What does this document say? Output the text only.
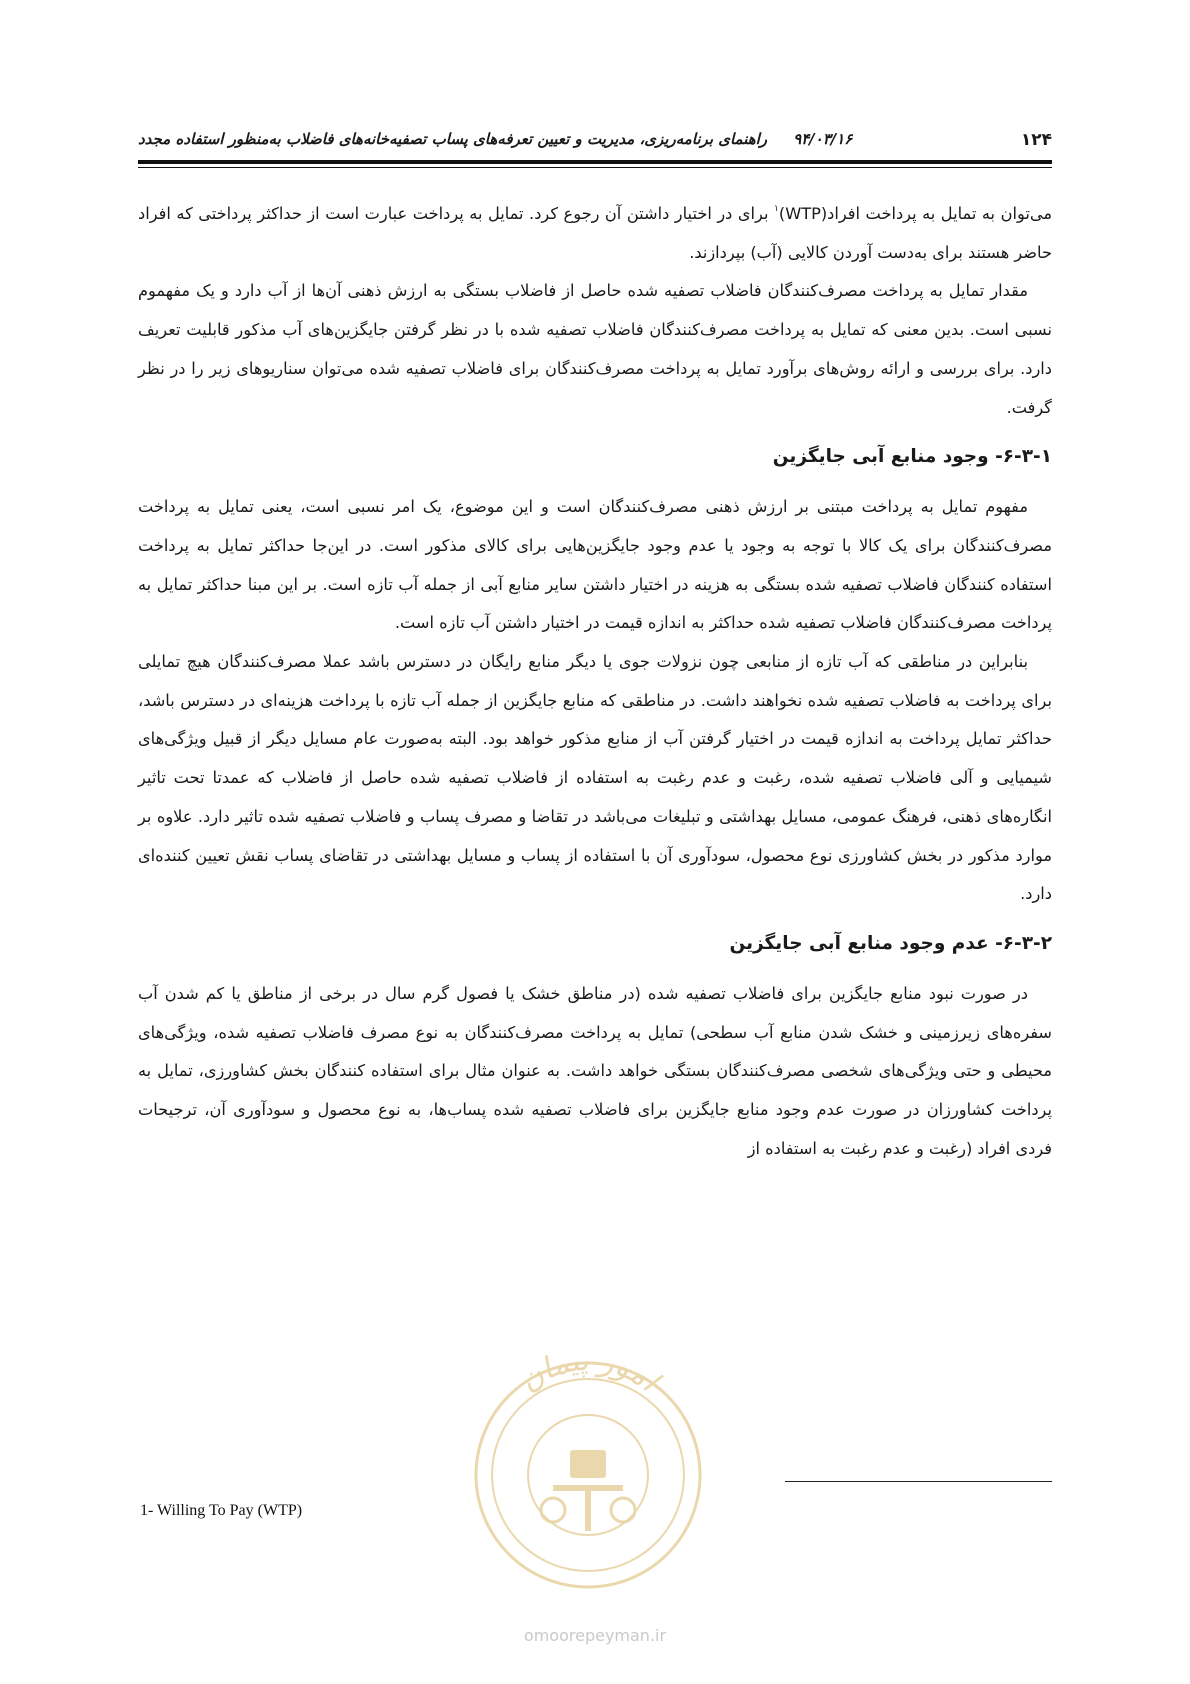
۱۲۴
۹۴/۰۳/۱۶راهنمای برنامه‌ریزی، مدیریت و تعیین تعرفه‌های پساب تصفیه‌خانه‌های فاضلاب به‌منظور استفاده مجدد

می‌توان به تمایل به پرداخت افراد(WTP)$^۱$ برای در اختیار داشتن آن رجوع کرد. تمایل به پرداخت عبارت است از حداکثر پرداختی که افراد حاضر هستند برای به‌دست آوردن کالایی (آب) بپردازند.

مقدار تمایل به پرداخت مصرف‌کنندگان فاضلاب تصفیه شده حاصل از فاضلاب بستگی به ارزش ذهنی آن‌ها از آب دارد و یک مفهموم نسبی است. بدین معنی که تمایل به پرداخت مصرف‌کنندگان فاضلاب تصفیه شده با در نظر گرفتن جایگزین‌های آب مذکور قابلیت تعریف دارد. برای بررسی و ارائه روش‌های برآورد تمایل به پرداخت مصرف‌کنندگان برای فاضلاب تصفیه شده می‌توان سناریوهای زیر را در نظر گرفت.

۶-۳-۱- وجود منابع آبی جایگزین

مفهوم تمایل به پرداخت مبتنی بر ارزش ذهنی مصرف‌کنندگان است و این موضوع، یک امر نسبی است، یعنی تمایل به پرداخت مصرف‌کنندگان برای یک کالا با توجه به وجود یا عدم وجود جایگزین‌هایی برای کالای مذکور است. در این‌جا حداکثر تمایل به پرداخت استفاده کنندگان فاضلاب تصفیه شده بستگی به هزینه در اختیار داشتن سایر منابع آبی از جمله آب تازه است. بر این مبنا حداکثر تمایل به پرداخت مصرف‌کنندگان فاضلاب تصفیه شده حداکثر به اندازه قیمت در اختیار داشتن آب تازه است.

بنابراین در مناطقی که آب تازه از منابعی چون نزولات جوی یا دیگر منابع رایگان در دسترس باشد عملا مصرف‌کنندگان هیچ تمایلی برای پرداخت به فاضلاب تصفیه شده نخواهند داشت. در مناطقی که منابع جایگزین از جمله آب تازه با پرداخت هزینه‌ای در دسترس باشد، حداکثر تمایل پرداخت به اندازه قیمت در اختیار گرفتن آب از منابع مذکور خواهد بود. البته به‌صورت عام مسایل دیگر از قبیل ویژگی‌های شیمیایی و آلی فاضلاب تصفیه شده، رغبت و عدم رغبت به استفاده از فاضلاب تصفیه شده حاصل از فاضلاب که عمدتا تحت تاثیر انگاره‌های ذهنی، فرهنگ عمومی، مسایل بهداشتی و تبلیغات می‌باشد در تقاضا و مصرف پساب و فاضلاب تصفیه شده تاثیر دارد. علاوه بر موارد مذکور در بخش کشاورزی نوع محصول، سودآوری آن با استفاده از پساب و مسایل بهداشتی در تقاضای پساب نقش تعیین کننده‌ای دارد.

۶-۳-۲- عدم وجود منابع آبی جایگزین

در صورت نبود منابع جایگزین برای فاضلاب تصفیه شده (در مناطق خشک یا فصول گرم سال در برخی از مناطق یا کم شدن آب سفره‌های زیرزمینی و خشک شدن منابع آب سطحی) تمایل به پرداخت مصرف‌کنندگان به نوع مصرف فاضلاب تصفیه شده، ویژگی‌های محیطی و حتی ویژگی‌های شخصی مصرف‌کنندگان بستگی خواهد داشت. به عنوان مثال برای استفاده کنندگان بخش کشاورزی، تمایل به پرداخت کشاورزان در صورت عدم وجود منابع جایگزین برای فاضلاب تصفیه شده پساب‌ها، به نوع محصول و سودآوری آن، ترجیحات فردی افراد (رغبت و عدم رغبت به استفاده از

1- Willing To Pay (WTP)
امور پیمان
omoorepeyman.ir
